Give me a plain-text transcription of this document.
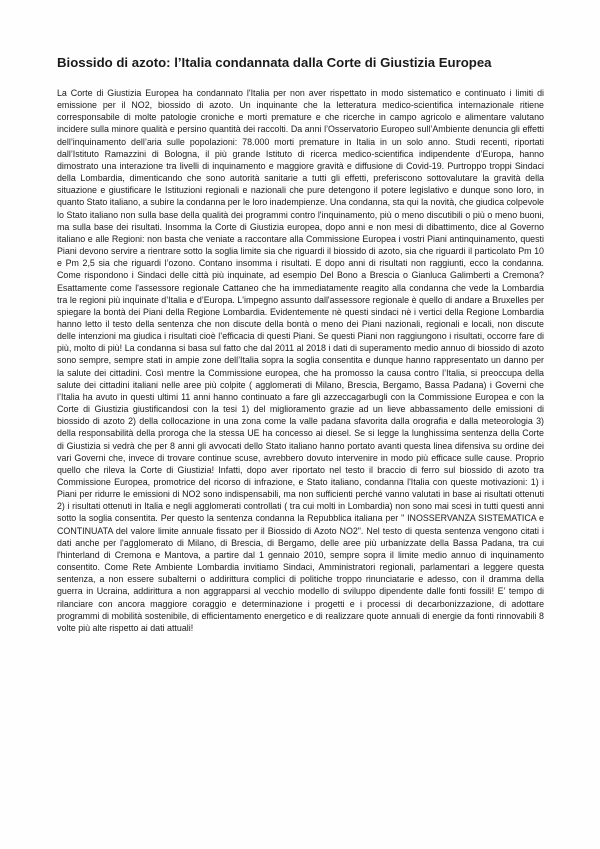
Biossido di azoto: l’Italia condannata dalla Corte di Giustizia Europea

La Corte di Giustizia Europea ha condannato l'Italia per non aver rispettato in modo sistematico e continuato i limiti di emissione per il NO2, biossido di azoto. Un inquinante che la letteratura medico-scientifica internazionale ritiene corresponsabile di molte patologie croniche e morti premature e che ricerche in campo agricolo e alimentare valutano incidere sulla minore qualità e persino quantità dei raccolti. Da anni l’Osservatorio Europeo sull’Ambiente denuncia gli effetti dell’inquinamento dell’aria sulle popolazioni: 78.000 morti premature in Italia in un solo anno. Studi recenti, riportati dall’Istituto Ramazzini di Bologna, il più grande Istituto di ricerca medico-scientifica indipendente d’Europa, hanno dimostrato una interazione tra livelli di inquinamento e maggiore gravità e diffusione di Covid-19. Purtroppo troppi Sindaci della Lombardia, dimenticando che sono autorità sanitarie a tutti gli effetti, preferiscono sottovalutare la gravità della situazione e giustificare le Istituzioni regionali e nazionali che pure detengono il potere legislativo e dunque sono loro, in quanto Stato italiano, a subire la condanna per le loro inadempienze. Una condanna, sta qui la novità, che giudica colpevole lo Stato italiano non sulla base della qualità dei programmi contro l'inquinamento, più o meno discutibili o più o meno buoni, ma sulla base dei risultati. Insomma la Corte di Giustizia europea, dopo anni e non mesi di dibattimento, dice al Governo italiano e alle Regioni: non basta che veniate a raccontare alla Commissione Europea i vostri Piani antinquinamento, questi Piani devono servire a rientrare sotto la soglia limite sia che riguardi il biossido di azoto, sia che riguardi il particolato Pm 10 e Pm 2,5 sia che riguardi l’ozono. Contano insomma i risultati. E dopo anni di risultati non raggiunti, ecco la condanna. Come rispondono i Sindaci delle città più inquinate, ad esempio Del Bono a Brescia o Gianluca Galimberti a Cremona? Esattamente come l'assessore regionale Cattaneo che ha immediatamente reagito alla condanna che vede la Lombardia tra le regioni più inquinate d’Italia e d’Europa. L'impegno assunto dall'assessore regionale è quello di andare a Bruxelles per spiegare la bontà dei Piani della Regione Lombardia. Evidentemente nè questi sindaci nè i vertici della Regione Lombardia hanno letto il testo della sentenza che non discute della bontà o meno dei Piani nazionali, regionali e locali, non discute delle intenzioni ma giudica i risultati cioè l’efficacia di questi Piani. Se questi Piani non raggiungono i risultati, occorre fare di più, molto di più! La condanna si basa sul fatto che dal 2011 al 2018 i dati di superamento medio annuo di biossido di azoto sono sempre, sempre stati in ampie zone dell’Italia sopra la soglia consentita e dunque hanno rappresentato un danno per la salute dei cittadini. Così mentre la Commissione europea, che ha promosso la causa contro l’Italia, si preoccupa della salute dei cittadini italiani nelle aree più colpite ( agglomerati di Milano, Brescia, Bergamo, Bassa Padana) i Governi che l’Italia ha avuto in questi ultimi 11 anni hanno continuato a fare gli azzeccagarbugli con la Commissione Europea e con la Corte di Giustizia giustificandosi con la tesi 1) del miglioramento grazie ad un lieve abbassamento delle emissioni di biossido di azoto 2) della collocazione in una zona come la valle padana sfavorita dalla orografia e dalla meteorologia 3) della responsabilità della proroga che la stessa UE ha concesso ai diesel. Se si legge la lunghissima sentenza della Corte di Giustizia si vedrà che per 8 anni gli avvocati dello Stato italiano hanno portato avanti questa linea difensiva su ordine dei vari Governi che, invece di trovare continue scuse, avrebbero dovuto intervenire in modo più efficace sulle cause. Proprio quello che rileva la Corte di Giustizia! Infatti, dopo aver riportato nel testo il braccio di ferro sul biossido di azoto tra Commissione Europea, promotrice del ricorso di infrazione, e Stato italiano, condanna l'Italia con queste motivazioni: 1) i Piani per ridurre le emissioni di NO2 sono indispensabili, ma non sufficienti perché vanno valutati in base ai risultati ottenuti 2) i risultati ottenuti in Italia e negli agglomerati controllati ( tra cui molti in Lombardia) non sono mai scesi in tutti questi anni sotto la soglia consentita. Per questo la sentenza condanna la Repubblica italiana per " INOSSERVANZA SISTEMATICA e CONTINUATA del valore limite annuale fissato per il Biossido di Azoto NO2". Nel testo di questa sentenza vengono citati i dati anche per l'agglomerato di Milano, di Brescia, di Bergamo, delle aree più urbanizzate della Bassa Padana, tra cui l'hinterland di Cremona e Mantova, a partire dal 1 gennaio 2010, sempre sopra il limite medio annuo di inquinamento consentito. Come Rete Ambiente Lombardia invitiamo Sindaci, Amministratori regionali, parlamentari a leggere questa sentenza, a non essere subalterni o addirittura complici di politiche troppo rinunciatarie e adesso, con il dramma della guerra in Ucraina, addirittura a non aggrapparsi al vecchio modello di sviluppo dipendente dalle fonti fossili! E’ tempo di rilanciare con ancora maggiore coraggio e determinazione i progetti e i processi di decarbonizzazione, di adottare programmi di mobilità sostenibile, di efficientamento energetico e di realizzare quote annuali di energie da fonti rinnovabili 8 volte più alte rispetto ai dati attuali!
